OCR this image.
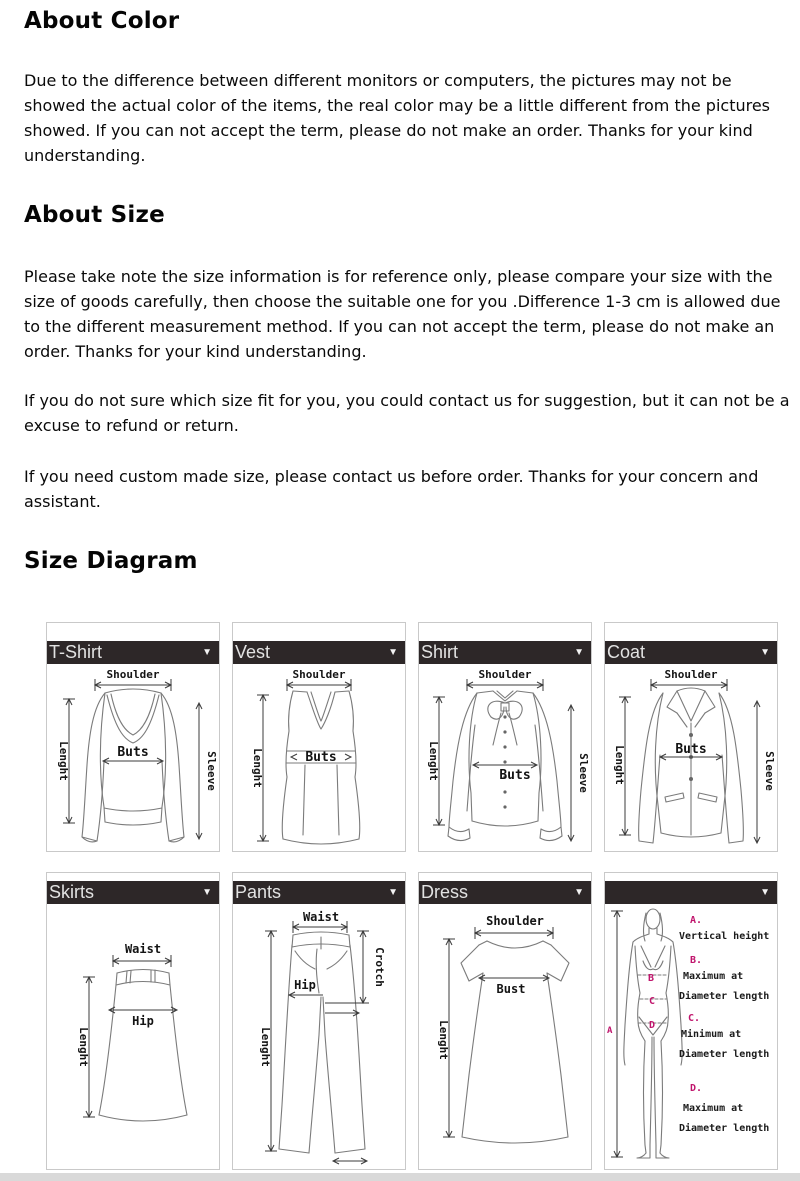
About Color
Due to the difference between different monitors or computers, the pictures may not be showed the actual color of the items, the real color may be a little different from the pictures showed. If you can not accept the term, please do not make an order. Thanks for your kind understanding.
About Size
Please take note the size information is for reference only, please compare your size with the size of goods carefully, then choose the suitable one for you .Difference 1-3 cm is allowed due to the different measurement method. If you can not accept the term, please do not make an order. Thanks for your kind understanding.
If you do not sure which size fit for you, you could contact us for suggestion, but it can not be a excuse to refund or return.
If you need custom made size, please contact us before order. Thanks for your concern and assistant.
Size Diagram
T-Shirt	▼
Shoulder
Lenght	Buts	Sleeve
Vest	▼
Shoulder
Lenght	Buts
Shirt	▼
Shoulder
Lenght	Buts	Sleeve
Coat	▼
Shoulder
Lenght	Buts
Sleeve
Skirts	▼
Waist
Hip
Lenght
Pants	▼
Waist
Crotch
Hip
Lenght
Dress	▼
Shoulder
Bust
Lenght
▼
A
B
C
D
A.
Vertical height
B.
Maximum at
Diameter length
C.
Minimum at
Diameter length
D.
Maximum at
Diameter length
